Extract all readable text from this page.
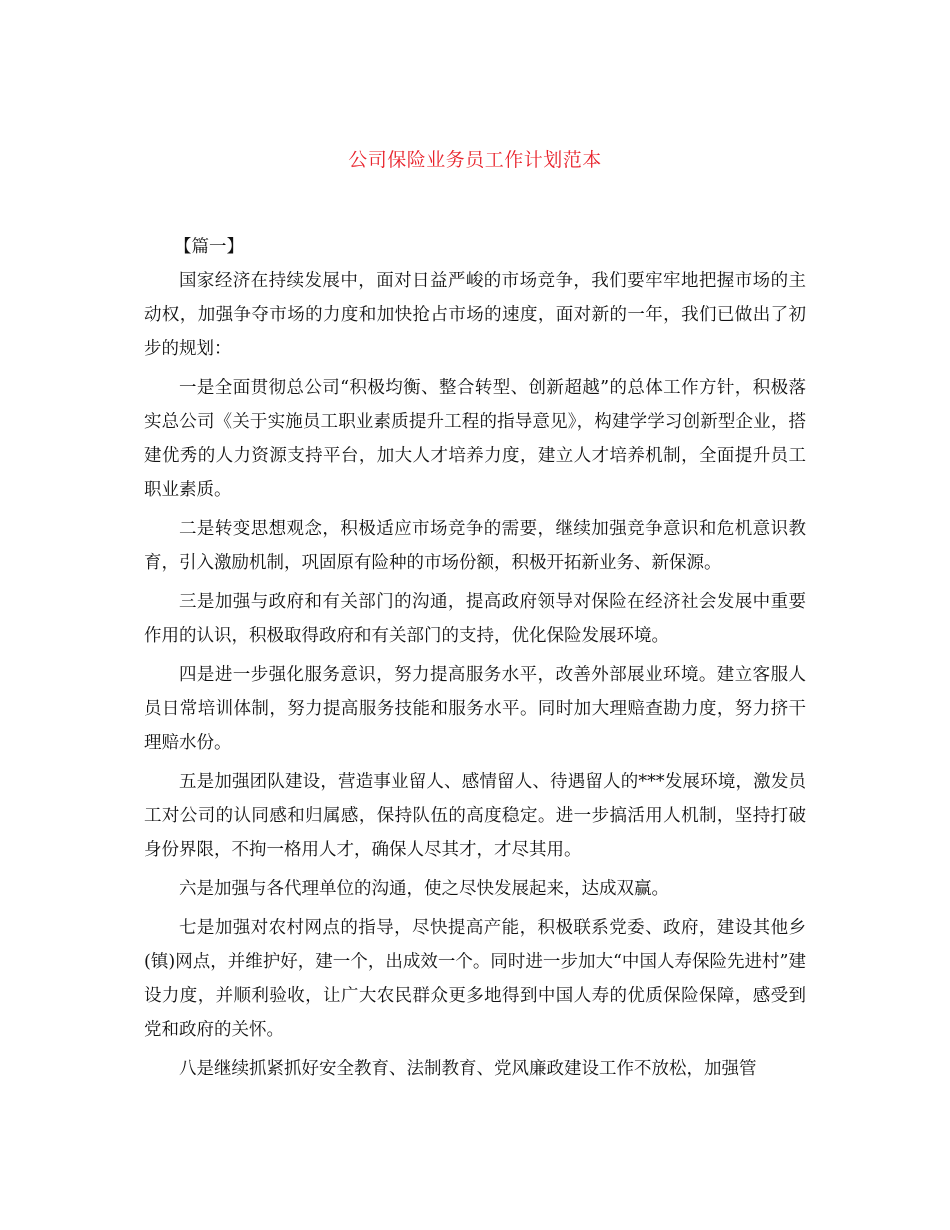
公司保险业务员工作计划范本

【篇一】

国家经济在持续发展中，面对日益严峻的市场竞争，我们要牢牢地把握市场的主动权，加强争夺市场的力度和加快抢占市场的速度，面对新的一年，我们已做出了初步的规划：

一是全面贯彻总公司“积极均衡、整合转型、创新超越”的总体工作方针，积极落实总公司《关于实施员工职业素质提升工程的指导意见》，构建学学习创新型企业，搭建优秀的人力资源支持平台，加大人才培养力度，建立人才培养机制，全面提升员工职业素质。

二是转变思想观念，积极适应市场竞争的需要，继续加强竞争意识和危机意识教育，引入激励机制，巩固原有险种的市场份额，积极开拓新业务、新保源。

三是加强与政府和有关部门的沟通，提高政府领导对保险在经济社会发展中重要作用的认识，积极取得政府和有关部门的支持，优化保险发展环境。

四是进一步强化服务意识，努力提高服务水平，改善外部展业环境。建立客服人员日常培训体制，努力提高服务技能和服务水平。同时加大理赔查勘力度，努力挤干理赔水份。

五是加强团队建设，营造事业留人、感情留人、待遇留人的***发展环境，激发员工对公司的认同感和归属感，保持队伍的高度稳定。进一步搞活用人机制，坚持打破身份界限，不拘一格用人才，确保人尽其才，才尽其用。

六是加强与各代理单位的沟通，使之尽快发展起来，达成双赢。

七是加强对农村网点的指导，尽快提高产能，积极联系党委、政府，建设其他乡(镇)网点，并维护好，建一个，出成效一个。同时进一步加大“中国人寿保险先进村”建设力度，并顺利验收，让广大农民群众更多地得到中国人寿的优质保险保障，感受到党和政府的关怀。

八是继续抓紧抓好安全教育、法制教育、党风廉政建设工作不放松，加强管
